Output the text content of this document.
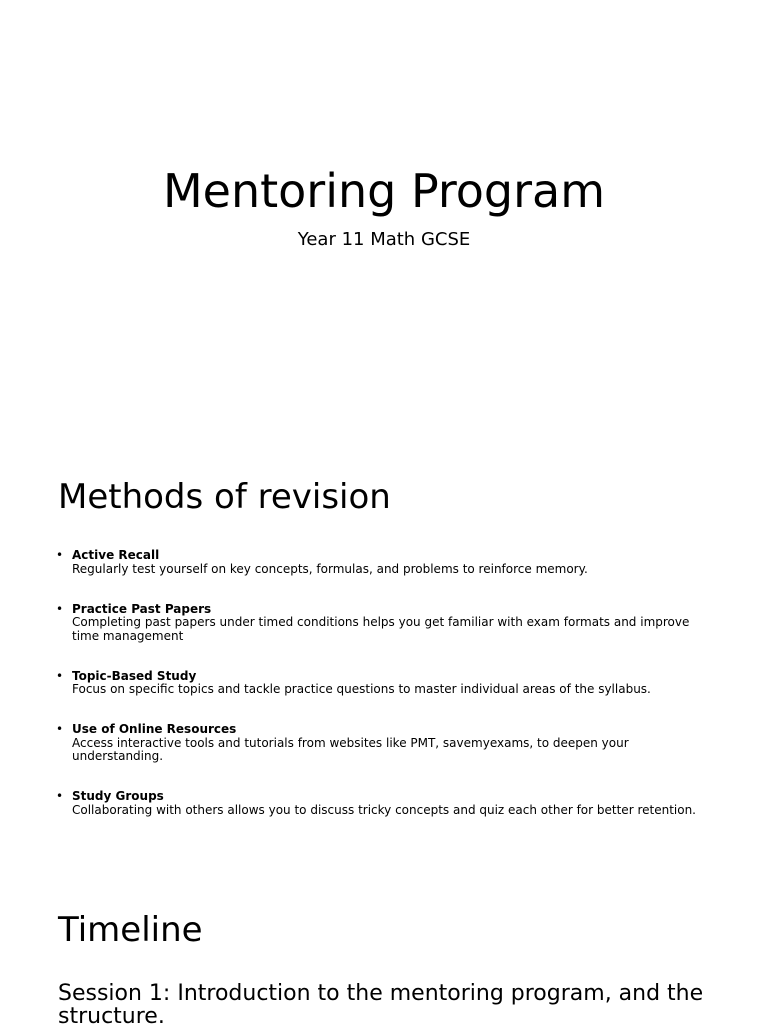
Mentoring Program
Year 11 Math GCSE
Methods of revision
• Active Recall
Regularly test yourself on key concepts, formulas, and problems to reinforce memory.
• Practice Past Papers
Completing past papers under timed conditions helps you get familiar with exam formats and improve time management
• Topic-Based Study
Focus on specific topics and tackle practice questions to master individual areas of the syllabus.
• Use of Online Resources
Access interactive tools and tutorials from websites like PMT, savemyexams, to deepen your understanding.
• Study Groups
Collaborating with others allows you to discuss tricky concepts and quiz each other for better retention.
Timeline

Session 1: Introduction to the mentoring program, and the structure.
